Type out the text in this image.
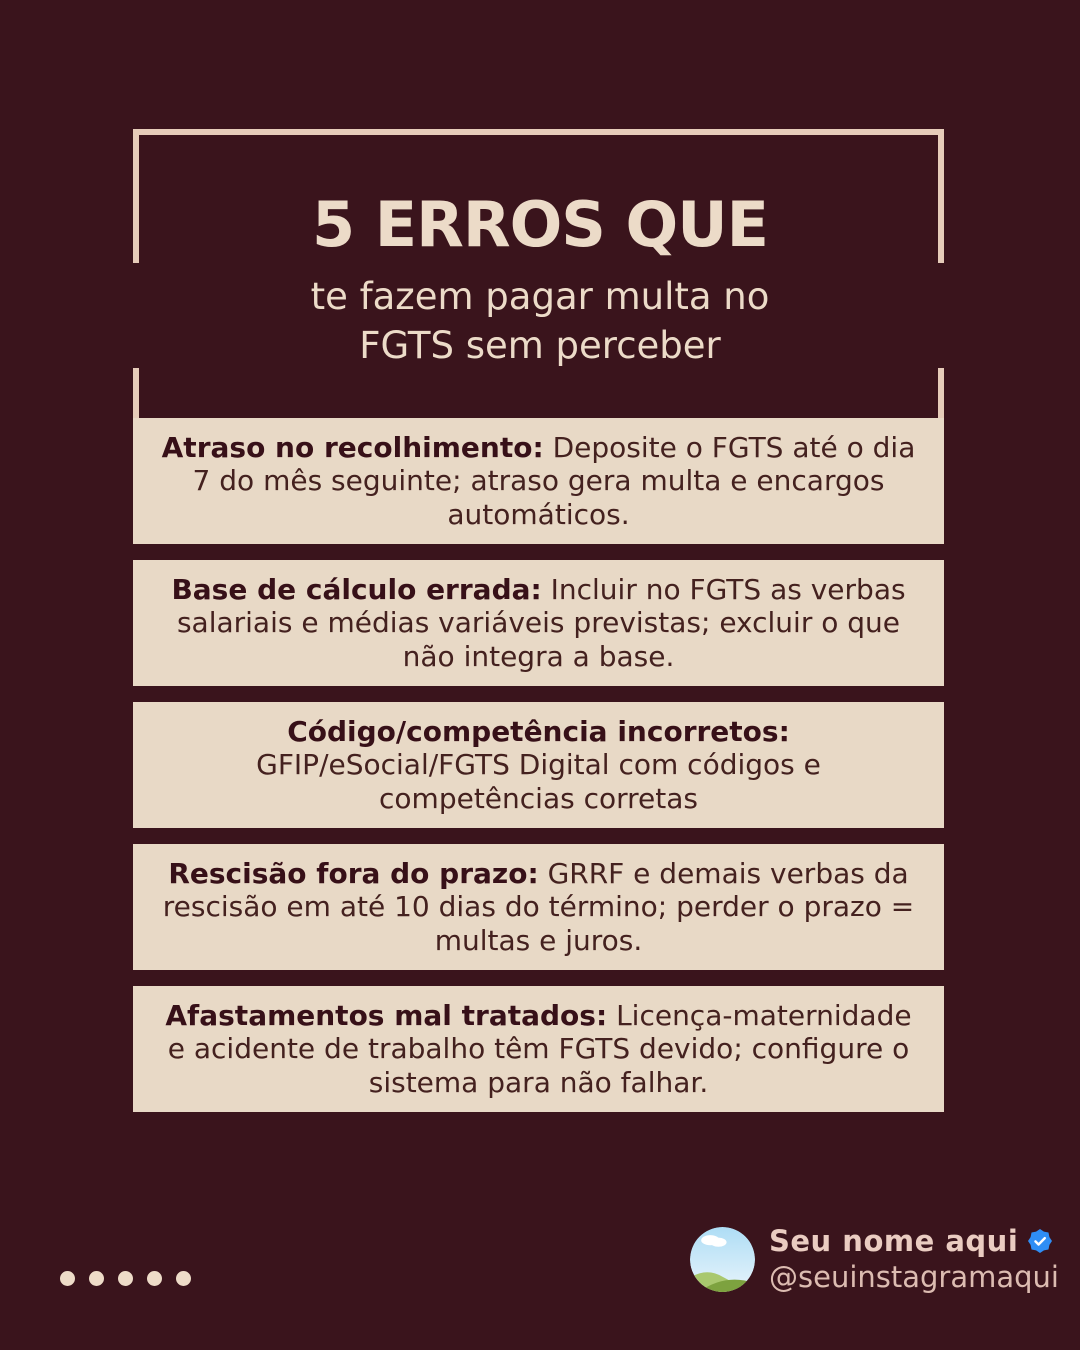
5 ERROS QUE
te fazem pagar multa no
FGTS sem perceber

Atraso no recolhimento: Deposite o FGTS até o dia 7 do mês seguinte; atraso gera multa e encargos automáticos.

Base de cálculo errada: Incluir no FGTS as verbas salariais e médias variáveis previstas; excluir o que não integra a base.

Código/competência incorretos: GFIP/eSocial/FGTS Digital com códigos e competências corretas

Rescisão fora do prazo: GRRF e demais verbas da rescisão em até 10 dias do término; perder o prazo = multas e juros.

Afastamentos mal tratados: Licença-maternidade e acidente de trabalho têm FGTS devido; configure o sistema para não falhar.

Seu nome aqui
@seuinstagramaqui
